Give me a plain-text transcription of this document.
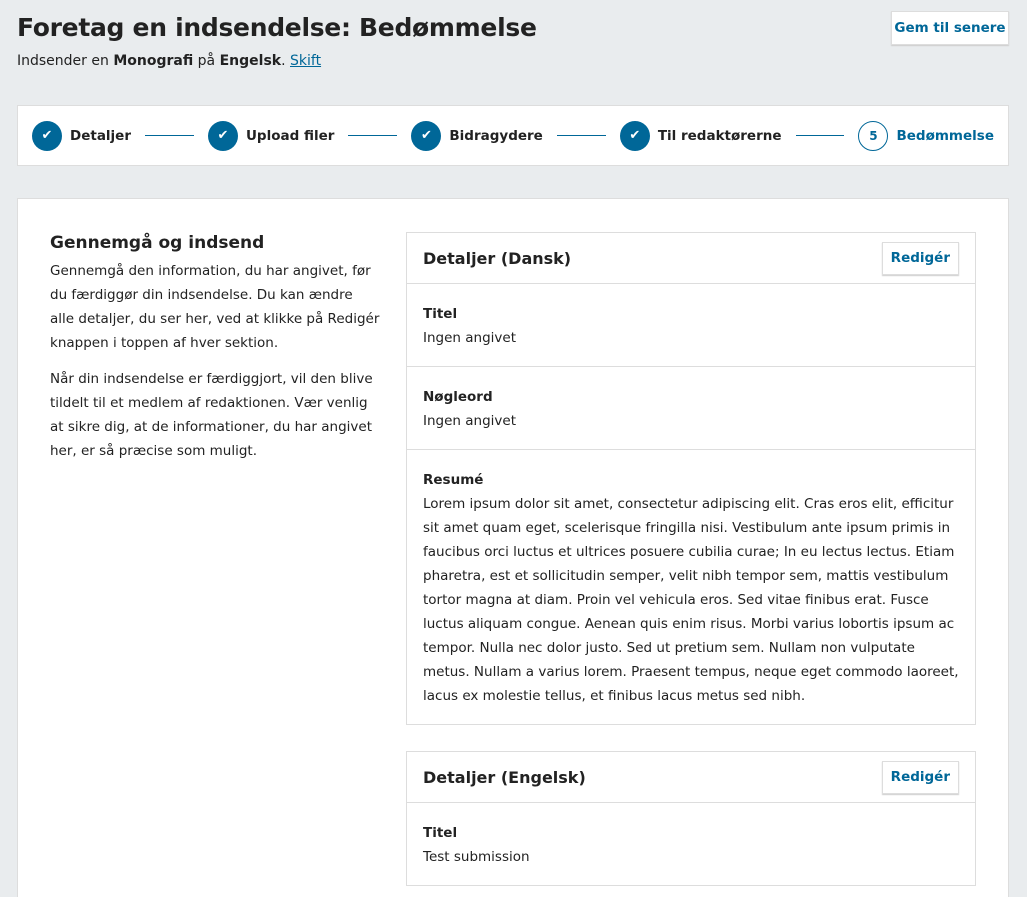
Foretag en indsendelse: Bedømmelse
Indsender en Monografi på Engelsk. Skift
Gem til senere
✔	Detaljer	✔	Upload filer	✔	Bidragydere	✔	Til redaktørerne	5	Bedømmelse
Gennemgå og indsend

Gennemgå den information, du har angivet, før du færdiggør din indsendelse. Du kan ændre alle detaljer, du ser her, ved at klikke på Redigér knappen i toppen af hver sektion.

Når din indsendelse er færdiggjort, vil den blive tildelt til et medlem af redaktionen. Vær venlig at sikre dig, at de informationer, du har angivet her, er så præcise som muligt.

Detaljer (Dansk)	Redigér
Titel
Ingen angivet
Nøgleord
Ingen angivet
Resumé
Lorem ipsum dolor sit amet, consectetur adipiscing elit. Cras eros elit, efficitur sit amet quam eget, scelerisque fringilla nisi. Vestibulum ante ipsum primis in faucibus orci luctus et ultrices posuere cubilia curae; In eu lectus lectus. Etiam pharetra, est et sollicitudin semper, velit nibh tempor sem, mattis vestibulum tortor magna at diam. Proin vel vehicula eros. Sed vitae finibus erat. Fusce luctus aliquam congue. Aenean quis enim risus. Morbi varius lobortis ipsum ac tempor. Nulla nec dolor justo. Sed ut pretium sem. Nullam non vulputate metus. Nullam a varius lorem. Praesent tempus, neque eget commodo laoreet, lacus ex molestie tellus, et finibus lacus metus sed nibh.
Detaljer (Engelsk)	Redigér
Titel
Test submission
